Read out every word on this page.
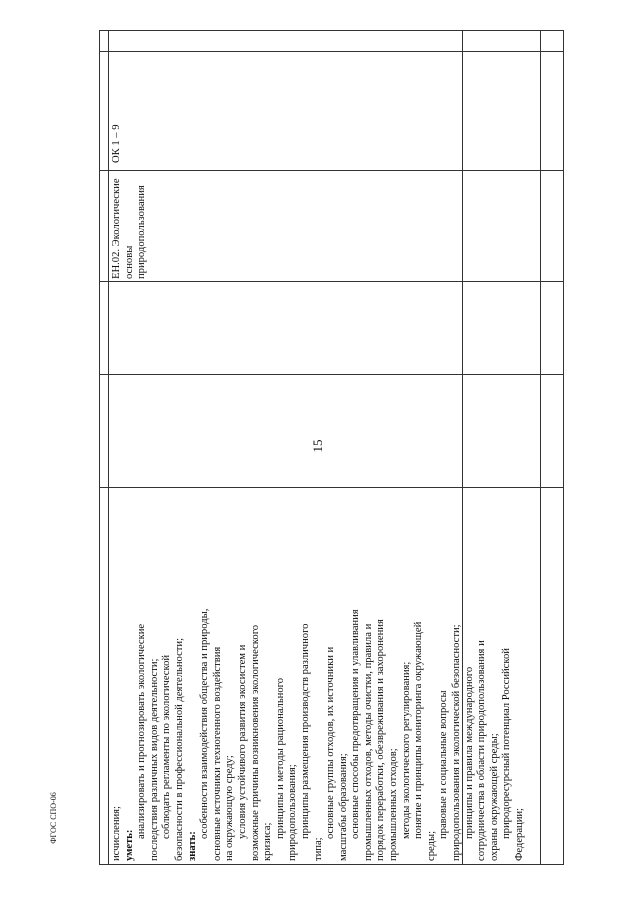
15
ФГОС СПО-06	исчисления; уметь:
анализировать и прогнозировать экологические последствия различных видов деятельности; соблюдать регламенты по экологической безопасности в профессиональной деятельности; знать:
особенности взаимодействия общества и природы, основные источники техногенного воздействия на окружающую среду; условия устойчивого развития экосистем и возможные причины возникновения экологического кризиса;
принципы и методы рационального природопользования; принципы размещения производств различного
типа;
основные группы отходов, их источники и масштабы образования; основные способы предотвращения и улавливания промышленных отходов, методы очистки, правила и порядок переработки, обезвреживания и захоронения промышленных отходов; методы экологического регулирования; понятие и принципы мониторинга окружающей
среды;
правовые и социальные вопросы природопользования и экологической безопасности; принципы и правила международного сотрудничества в области природопользования и охраны окружающей среды; природоресурсный потенциал Российской Федерации;
ЕН.02. Экологические основы природопользования
ОК 1 – 9
